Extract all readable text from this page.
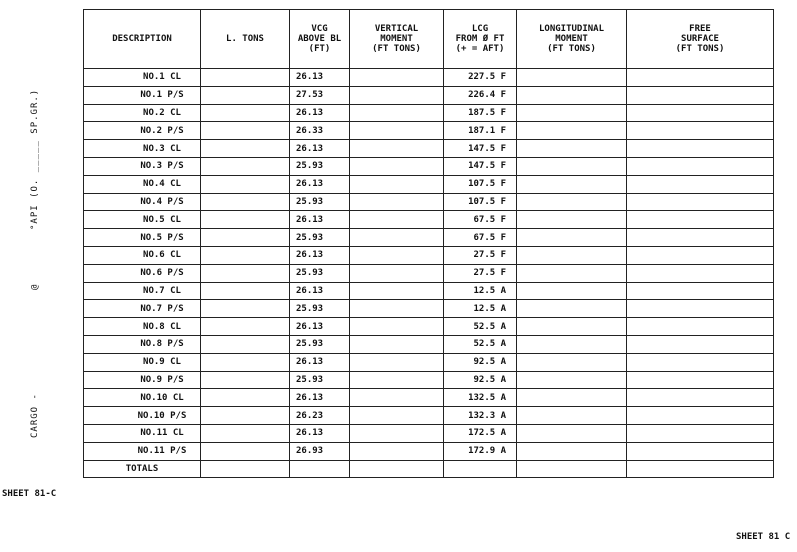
°API (O. _____ SP.GR.)
@
CARGO -
SHEET 81-C
SHEET 81 C
DESCRIPTION	L. TONS	VCG
ABOVE BL
(FT)	VERTICAL
MOMENT
(FT TONS)	LCG
FROM Ø FT
(+ = AFT)	LONGITUDINAL
MOMENT
(FT TONS)	FREE
SURFACE
(FT TONS)
NO.1 CL		26.13		227.5 F		
NO.1 P/S		27.53		226.4 F		
NO.2 CL		26.13		187.5 F		
NO.2 P/S		26.33		187.1 F		
NO.3 CL		26.13		147.5 F		
NO.3 P/S		25.93		147.5 F		
NO.4 CL		26.13		107.5 F		
NO.4 P/S		25.93		107.5 F		
NO.5 CL		26.13		67.5 F		
NO.5 P/S		25.93		67.5 F		
NO.6 CL		26.13		27.5 F		
NO.6 P/S		25.93		27.5 F		
NO.7 CL		26.13		12.5 A		
NO.7 P/S		25.93		12.5 A		
NO.8 CL		26.13		52.5 A		
NO.8 P/S		25.93		52.5 A		
NO.9 CL		26.13		92.5 A		
NO.9 P/S		25.93		92.5 A		
NO.10 CL		26.13		132.5 A		
NO.10 P/S		26.23		132.3 A		
NO.11 CL		26.13		172.5 A		
NO.11 P/S		26.93		172.9 A		
TOTALS						
